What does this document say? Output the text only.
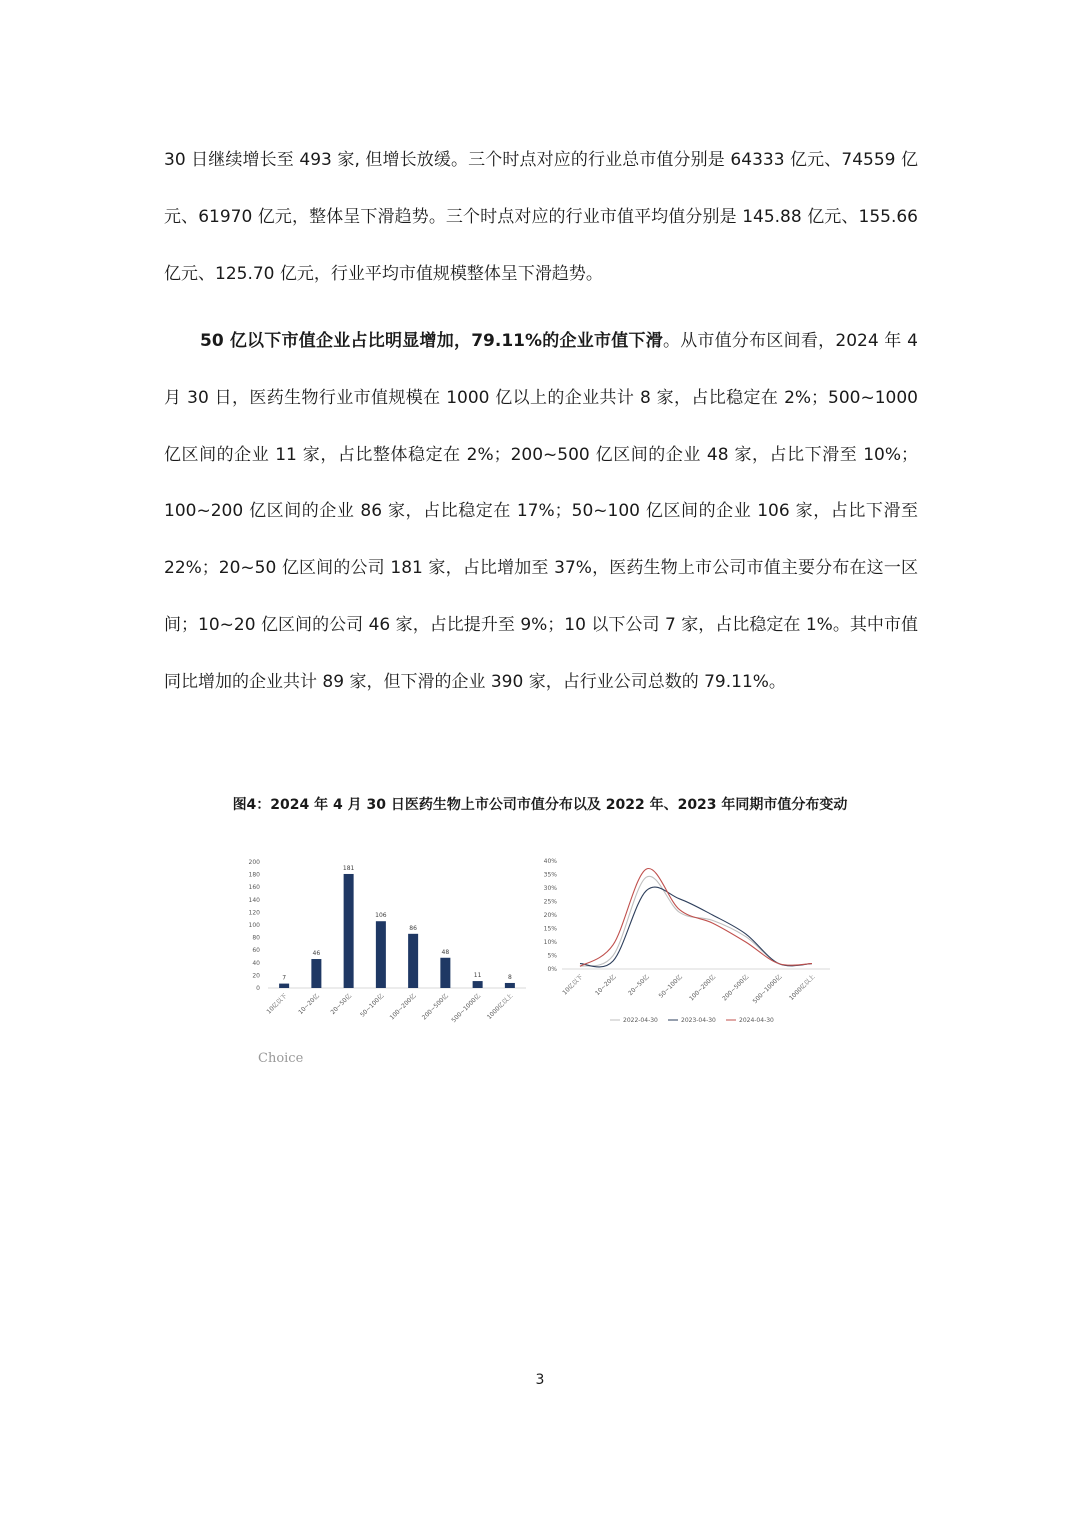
30 日继续增长至 493 家, 但增长放缓。三个时点对应的行业总市值分别是 64333 亿元、74559 亿元、61970 亿元，整体呈下滑趋势。三个时点对应的行业市值平均值分别是 145.88 亿元、155.66 亿元、125.70 亿元，行业平均市值规模整体呈下滑趋势。

50 亿以下市值企业占比明显增加，79.11%的企业市值下滑。从市值分布区间看，2024 年 4 月 30 日，医药生物行业市值规模在 1000 亿以上的企业共计 8 家，占比稳定在 2%；500~1000 亿区间的企业 11 家，占比整体稳定在 2%；200~500 亿区间的企业 48 家，占比下滑至 10%；100~200 亿区间的企业 86 家，占比稳定在 17%；50~100 亿区间的企业 106 家，占比下滑至 22%；20~50 亿区间的公司 181 家，占比增加至 37%，医药生物上市公司市值主要分布在这一区间；10~20 亿区间的公司 46 家，占比提升至 9%；10 以下公司 7 家，占比稳定在 1%。其中市值同比增加的企业共计 89 家，但下滑的企业 390 家，占行业公司总数的 79.11%。

图4：2024 年 4 月 30 日医药生物上市公司市值分布以及 2022 年、2023 年同期市值分布变动
0
20
40
60
80
100
120
140
160
180
200
7
10亿以下
46
10~20亿
181
20~50亿
106
50~100亿
86
100~200亿
48
200~500亿
11
500~1000亿
8
1000亿以上
0%
5%
10%
15%
20%
25%
30%
35%
40%
10亿以下 10~20亿 20~50亿 50~100亿 100~200亿 200~500亿 500~1000亿 1000亿以上
2022-04-30	2023-04-30	2024-04-30
Choice
3
